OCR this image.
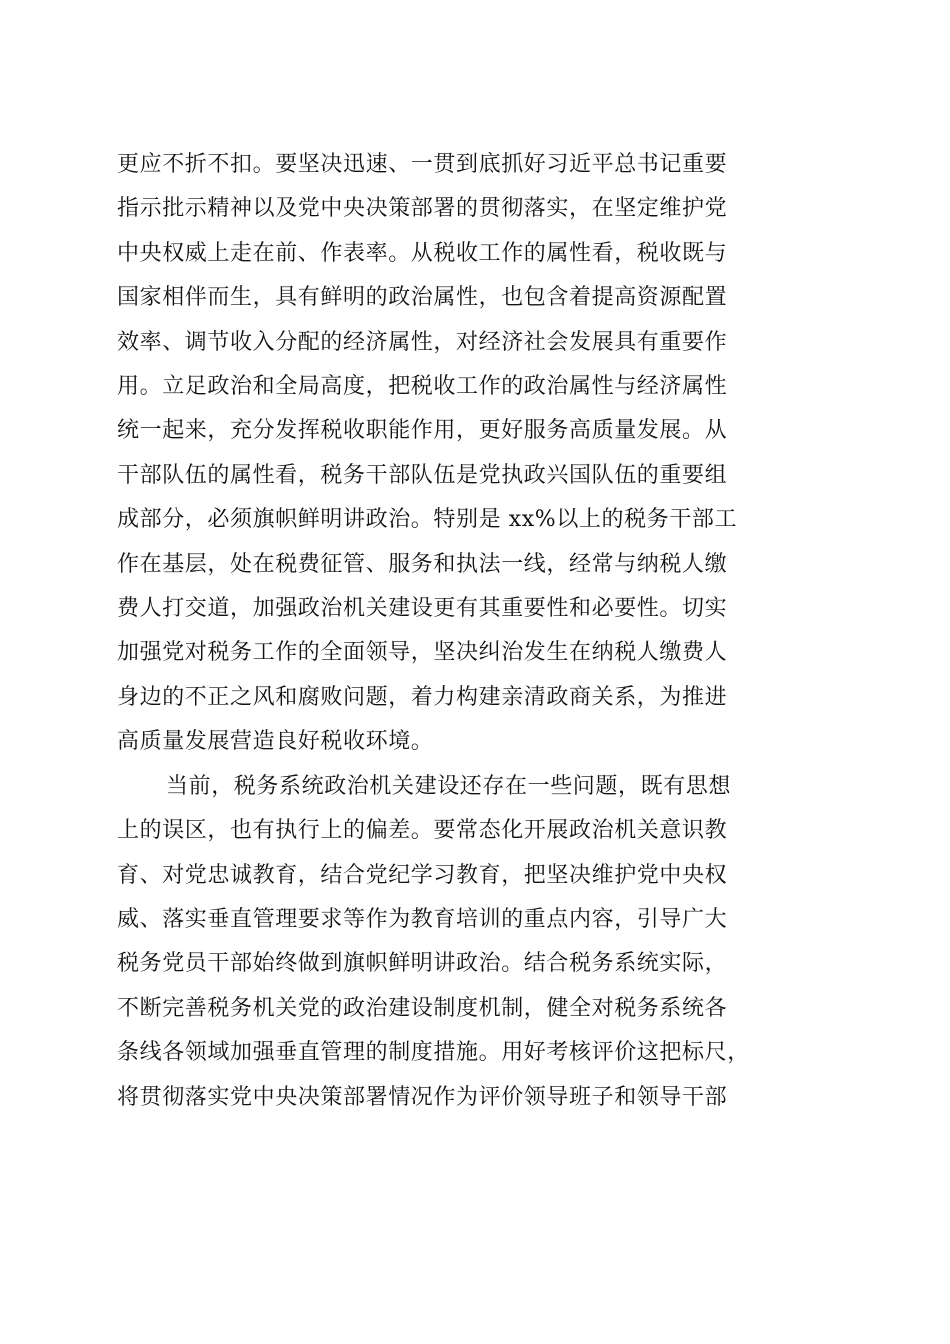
更应不折不扣。要坚决迅速、一贯到底抓好习近平总书记重要
指示批示精神以及党中央决策部署的贯彻落实，在坚定维护党
中央权威上走在前、作表率。从税收工作的属性看，税收既与
国家相伴而生，具有鲜明的政治属性，也包含着提高资源配置
效率、调节收入分配的经济属性，对经济社会发展具有重要作
用。立足政治和全局高度，把税收工作的政治属性与经济属性
统一起来，充分发挥税收职能作用，更好服务高质量发展。从
干部队伍的属性看，税务干部队伍是党执政兴国队伍的重要组
成部分，必须旗帜鲜明讲政治。特别是 xx%以上的税务干部工
作在基层，处在税费征管、服务和执法一线，经常与纳税人缴
费人打交道，加强政治机关建设更有其重要性和必要性。切实
加强党对税务工作的全面领导，坚决纠治发生在纳税人缴费人
身边的不正之风和腐败问题，着力构建亲清政商关系，为推进
高质量发展营造良好税收环境。
当前，税务系统政治机关建设还存在一些问题，既有思想
上的误区，也有执行上的偏差。要常态化开展政治机关意识教
育、对党忠诚教育，结合党纪学习教育，把坚决维护党中央权
威、落实垂直管理要求等作为教育培训的重点内容，引导广大
税务党员干部始终做到旗帜鲜明讲政治。结合税务系统实际，
不断完善税务机关党的政治建设制度机制，健全对税务系统各
条线各领域加强垂直管理的制度措施。用好考核评价这把标尺，
将贯彻落实党中央决策部署情况作为评价领导班子和领导干部
